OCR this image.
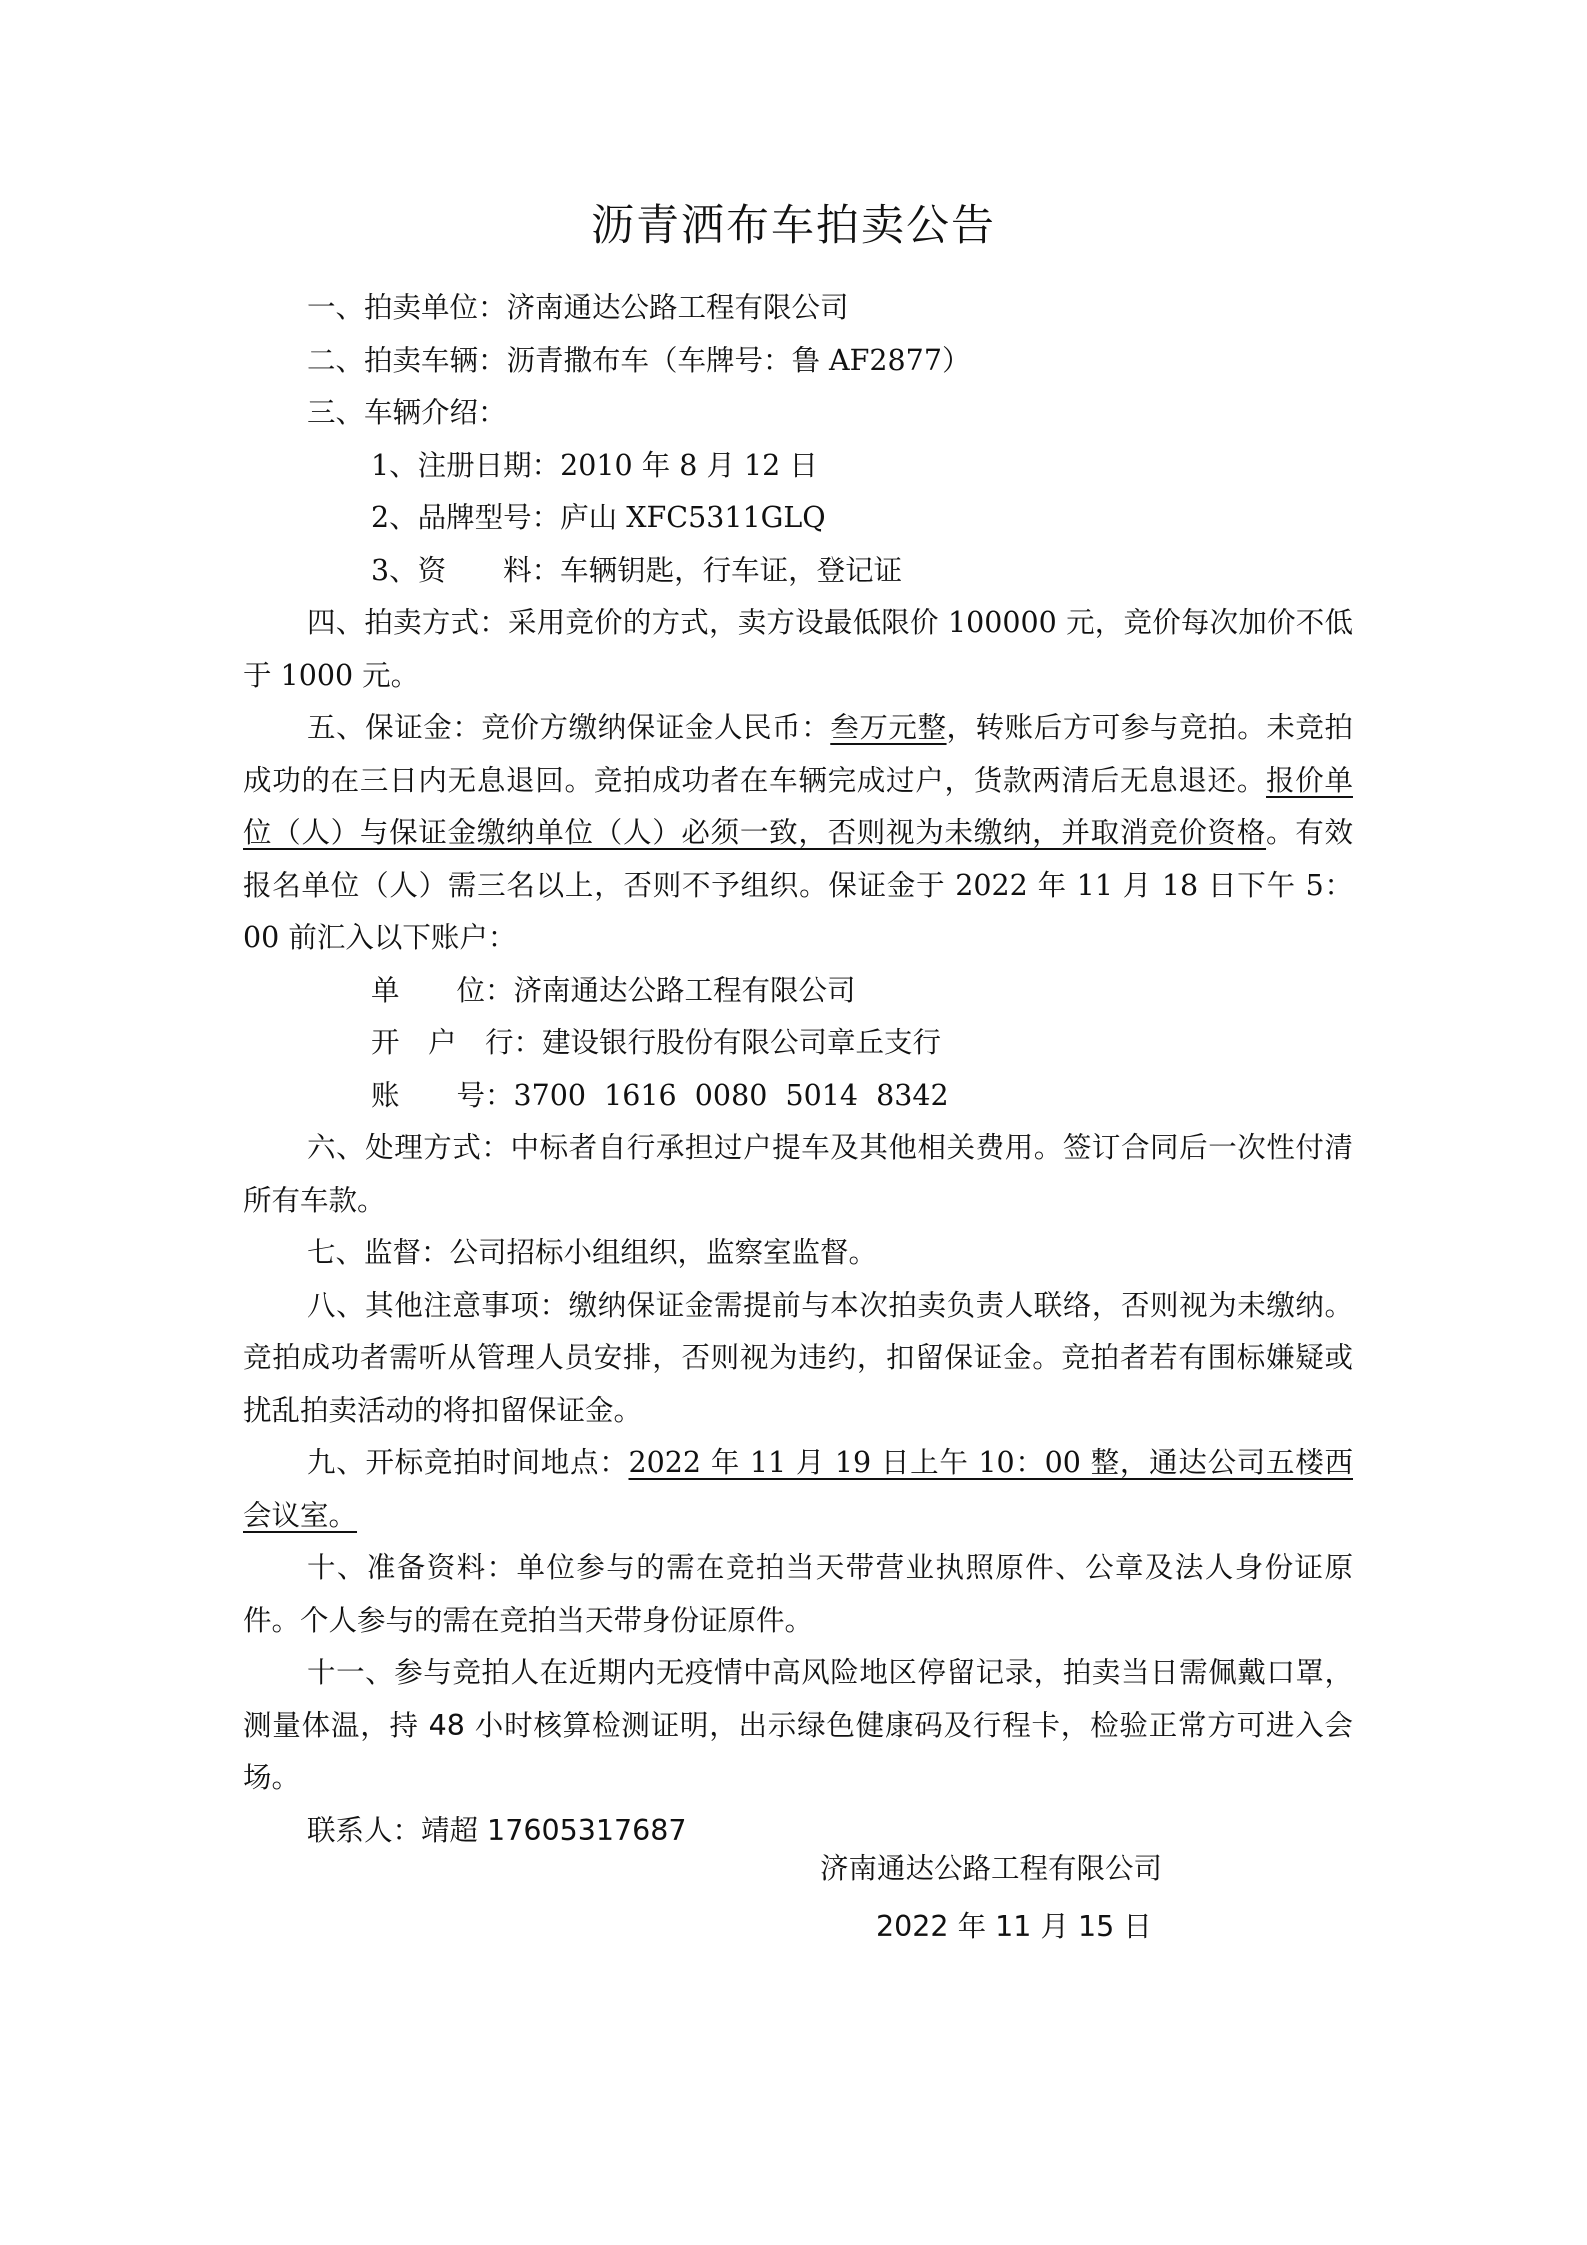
沥青洒布车拍卖公告

一、拍卖单位：济南通达公路工程有限公司

二、拍卖车辆：沥青撒布车（车牌号：鲁 AF2877）

三、车辆介绍：

1、注册日期：2010 年 8 月 12 日

2、品牌型号：庐山 XFC5311GLQ

3、资　　料：车辆钥匙，行车证，登记证

四、拍卖方式：采用竞价的方式，卖方设最低限价 100000 元，竞价每次加价不低于 1000 元。

五、保证金：竞价方缴纳保证金人民币：叁万元整，转账后方可参与竞拍。未竞拍成功的在三日内无息退回。竞拍成功者在车辆完成过户，货款两清后无息退还。报价单位（人）与保证金缴纳单位（人）必须一致，否则视为未缴纳，并取消竞价资格。有效报名单位（人）需三名以上，否则不予组织。保证金于 2022 年 11 月 18 日下午 5：00 前汇入以下账户：

单　　位：济南通达公路工程有限公司

开　户　行：建设银行股份有限公司章丘支行

账　　号：3700  1616  0080  5014  8342

六、处理方式：中标者自行承担过户提车及其他相关费用。签订合同后一次性付清所有车款。

七、监督：公司招标小组组织，监察室监督。

八、其他注意事项：缴纳保证金需提前与本次拍卖负责人联络，否则视为未缴纳。竞拍成功者需听从管理人员安排，否则视为违约，扣留保证金。竞拍者若有围标嫌疑或扰乱拍卖活动的将扣留保证金。

九、开标竞拍时间地点：2022 年 11 月 19 日上午 10：00 整，通达公司五楼西会议室。

十、准备资料：单位参与的需在竞拍当天带营业执照原件、公章及法人身份证原件。个人参与的需在竞拍当天带身份证原件。

十一、参与竞拍人在近期内无疫情中高风险地区停留记录，拍卖当日需佩戴口罩，测量体温，持 48 小时核算检测证明，出示绿色健康码及行程卡，检验正常方可进入会场。

联系人：靖超 17605317687

济南通达公路工程有限公司

2022 年 11 月 15 日
